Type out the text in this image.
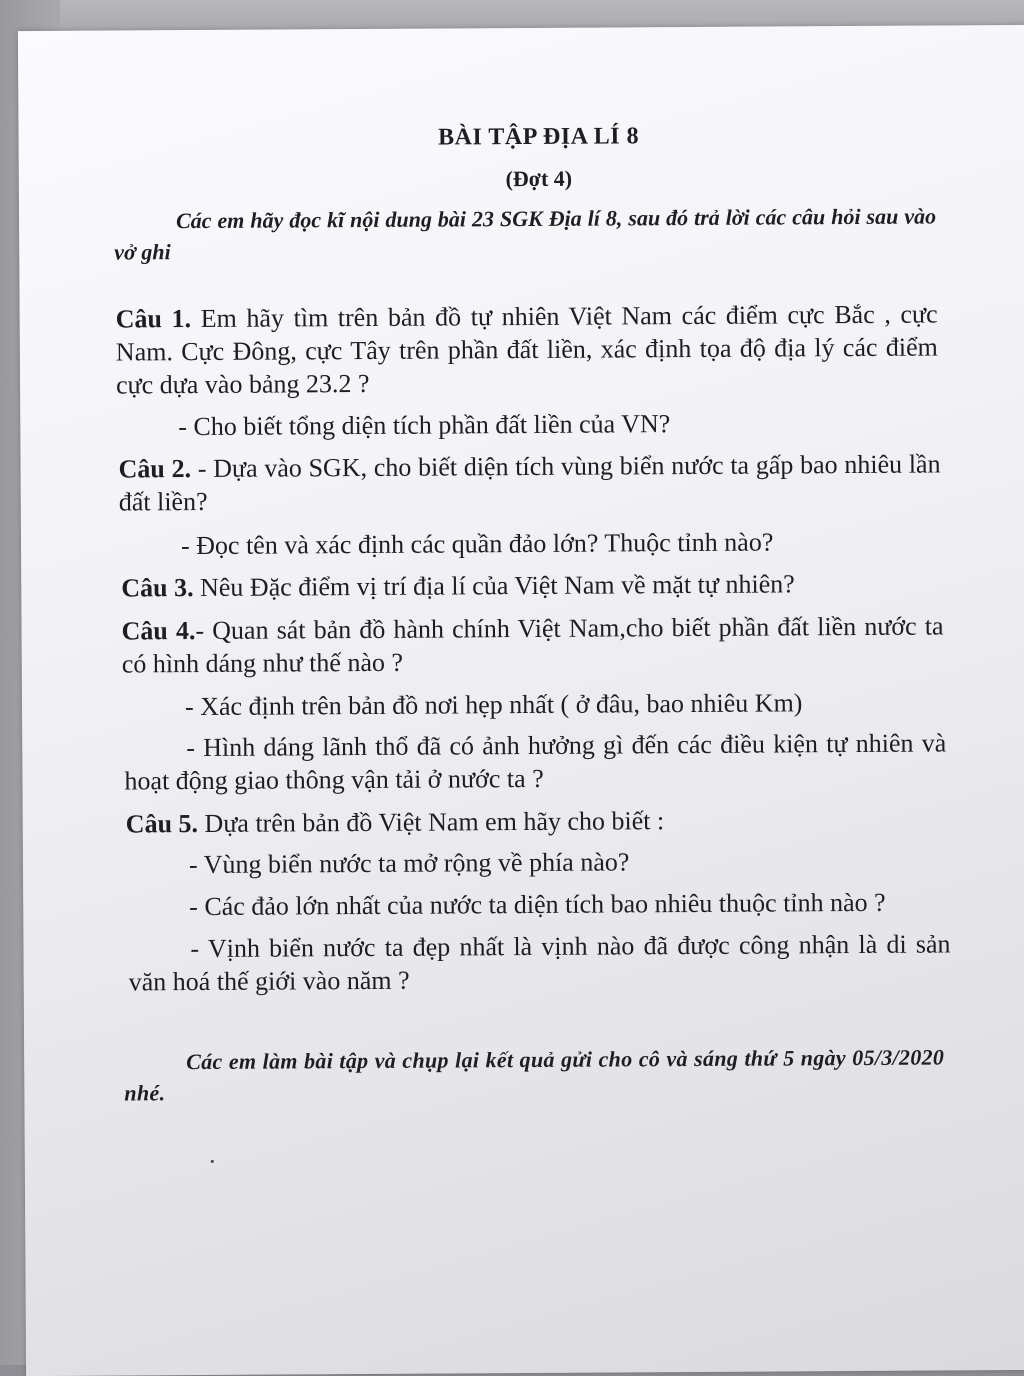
BÀI TẬP ĐỊA LÍ 8
(Đợt 4)
Các em hãy đọc kĩ nội dung bài 23 SGK Địa lí 8, sau đó trả lời các câu hỏi sau vào vở ghi
Câu 1. Em hãy tìm trên bản đồ tự nhiên Việt Nam các điểm cực Bắc , cực Nam. Cực Đông, cực Tây trên phần đất liền, xác định tọa độ địa lý các điểm cực dựa vào bảng 23.2 ?
- Cho biết tổng diện tích phần đất liền của VN?
Câu 2. - Dựa vào SGK, cho biết diện tích vùng biển nước ta gấp bao nhiêu lần đất liền?
- Đọc tên và xác định các quần đảo lớn? Thuộc tỉnh nào?
Câu 3. Nêu Đặc điểm vị trí địa lí của Việt Nam về mặt tự nhiên?
Câu 4.- Quan sát bản đồ hành chính Việt Nam,cho biết phần đất liền nước ta có hình dáng như thế nào ?
- Xác định trên bản đồ nơi hẹp nhất ( ở đâu, bao nhiêu Km)
- Hình dáng lãnh thổ đã có ảnh hưởng gì đến các điều kiện tự nhiên và hoạt động giao thông vận tải ở nước ta ?
Câu 5. Dựa trên bản đồ Việt Nam em hãy cho biết :
- Vùng biển nước ta mở rộng về phía nào?
- Các đảo lớn nhất của nước ta diện tích bao nhiêu thuộc tỉnh nào ?
- Vịnh biển nước ta đẹp nhất là vịnh nào đã được công nhận là di sản văn hoá thế giới vào năm ?
Các em làm bài tập và chụp lại kết quả gửi cho cô và sáng thứ 5 ngày 05/3/2020 nhé.
